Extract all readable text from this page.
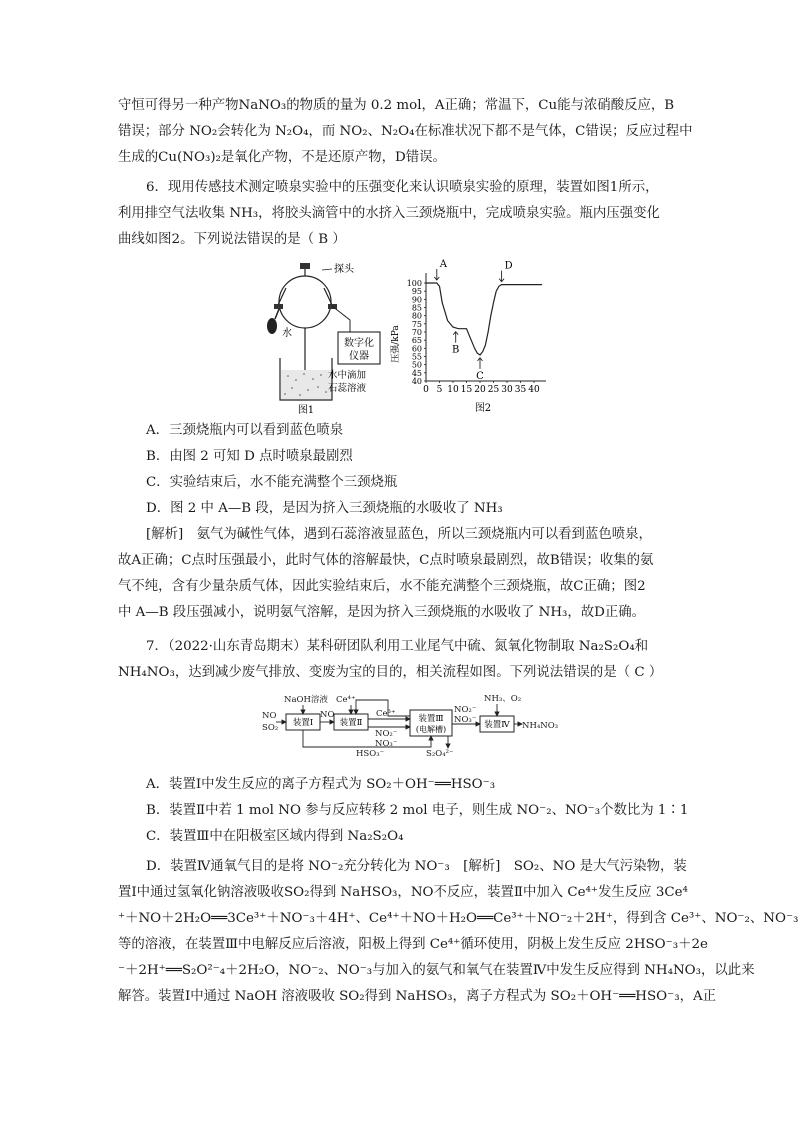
守恒可得另一种产物NaNO₃的物质的量为 0.2 mol，A正确；常温下，Cu能与浓硝酸反应，B
错误；部分 NO₂会转化为 N₂O₄，而 NO₂、N₂O₄在标准状况下都不是气体，C错误；反应过程中
生成的Cu(NO₃)₂是氧化产物，不是还原产物，D错误。
6．现用传感技术测定喷泉实验中的压强变化来认识喷泉实验的原理，装置如图1所示，
利用排空气法收集 NH₃，将胶头滴管中的水挤入三颈烧瓶中，完成喷泉实验。瓶内压强变化
曲线如图2。下列说法错误的是（ B ）
数字化
仪器
探头
水
水中滴加
石蕊溶液
图1
压强/kPa
0 5 10 15 20 25 30 35 40
40
45
50
55
60
65
70
75
80
85
90
95
100
A
B
C
D
图2
A．三颈烧瓶内可以看到蓝色喷泉
B．由图 2 可知 D 点时喷泉最剧烈
C．实验结束后，水不能充满整个三颈烧瓶
D．图 2 中 A—B 段，是因为挤入三颈烧瓶的水吸收了 NH₃
[解析]　氨气为碱性气体，遇到石蕊溶液显蓝色，所以三颈烧瓶内可以看到蓝色喷泉，
故A正确；C点时压强最小，此时气体的溶解最快，C点时喷泉最剧烈，故B错误；收集的氨
气不纯，含有少量杂质气体，因此实验结束后，水不能充满整个三颈烧瓶，故C正确；图2
中 A—B 段压强减小，说明氨气溶解，是因为挤入三颈烧瓶的水吸收了 NH₃，故D正确。
7．（2022·山东青岛期末）某科研团队利用工业尾气中硫、氮氧化物制取 Na₂S₂O₄和
NH₄NO₃，达到减少废气排放、变废为宝的目的，相关流程如图。下列说法错误的是（ C ）
NO
SO₂
NaOH溶液 Ce⁴⁺
NO	Ce³⁺
NO₂⁻
NO₃⁻
NO₂⁻
NO₃⁻
NH₃、O₂
NH₄NO₃
HSO₃⁻	S₂O₄²⁻
装置Ⅰ	装置Ⅱ	装置Ⅲ
(电解槽)	装置Ⅳ
A．装置Ⅰ中发生反应的离子方程式为 SO₂＋OH⁻══HSO⁻₃
B．装置Ⅱ中若 1 mol NO 参与反应转移 2 mol 电子，则生成 NO⁻₂、NO⁻₃个数比为 1∶1
C．装置Ⅲ中在阳极室区域内得到 Na₂S₂O₄
D．装置Ⅳ通氧气目的是将 NO⁻₂充分转化为 NO⁻₃　[解析]　SO₂、NO 是大气污染物，装
置Ⅰ中通过氢氧化钠溶液吸收SO₂得到 NaHSO₃，NO不反应，装置Ⅱ中加入 Ce⁴⁺发生反应 3Ce⁴
⁺＋NO＋2H₂O══3Ce³⁺＋NO⁻₃＋4H⁺、Ce⁴⁺＋NO＋H₂O══Ce³⁺＋NO⁻₂＋2H⁺，得到含 Ce³⁺、NO⁻₂、NO⁻₃
等的溶液，在装置Ⅲ中电解反应后溶液，阳极上得到 Ce⁴⁺循环使用，阴极上发生反应 2HSO⁻₃＋2e
⁻＋2H⁺══S₂O²⁻₄＋2H₂O，NO⁻₂、NO⁻₃与加入的氨气和氧气在装置Ⅳ中发生反应得到 NH₄NO₃，以此来
解答。装置Ⅰ中通过 NaOH 溶液吸收 SO₂得到 NaHSO₃，离子方程式为 SO₂＋OH⁻══HSO⁻₃，A正
